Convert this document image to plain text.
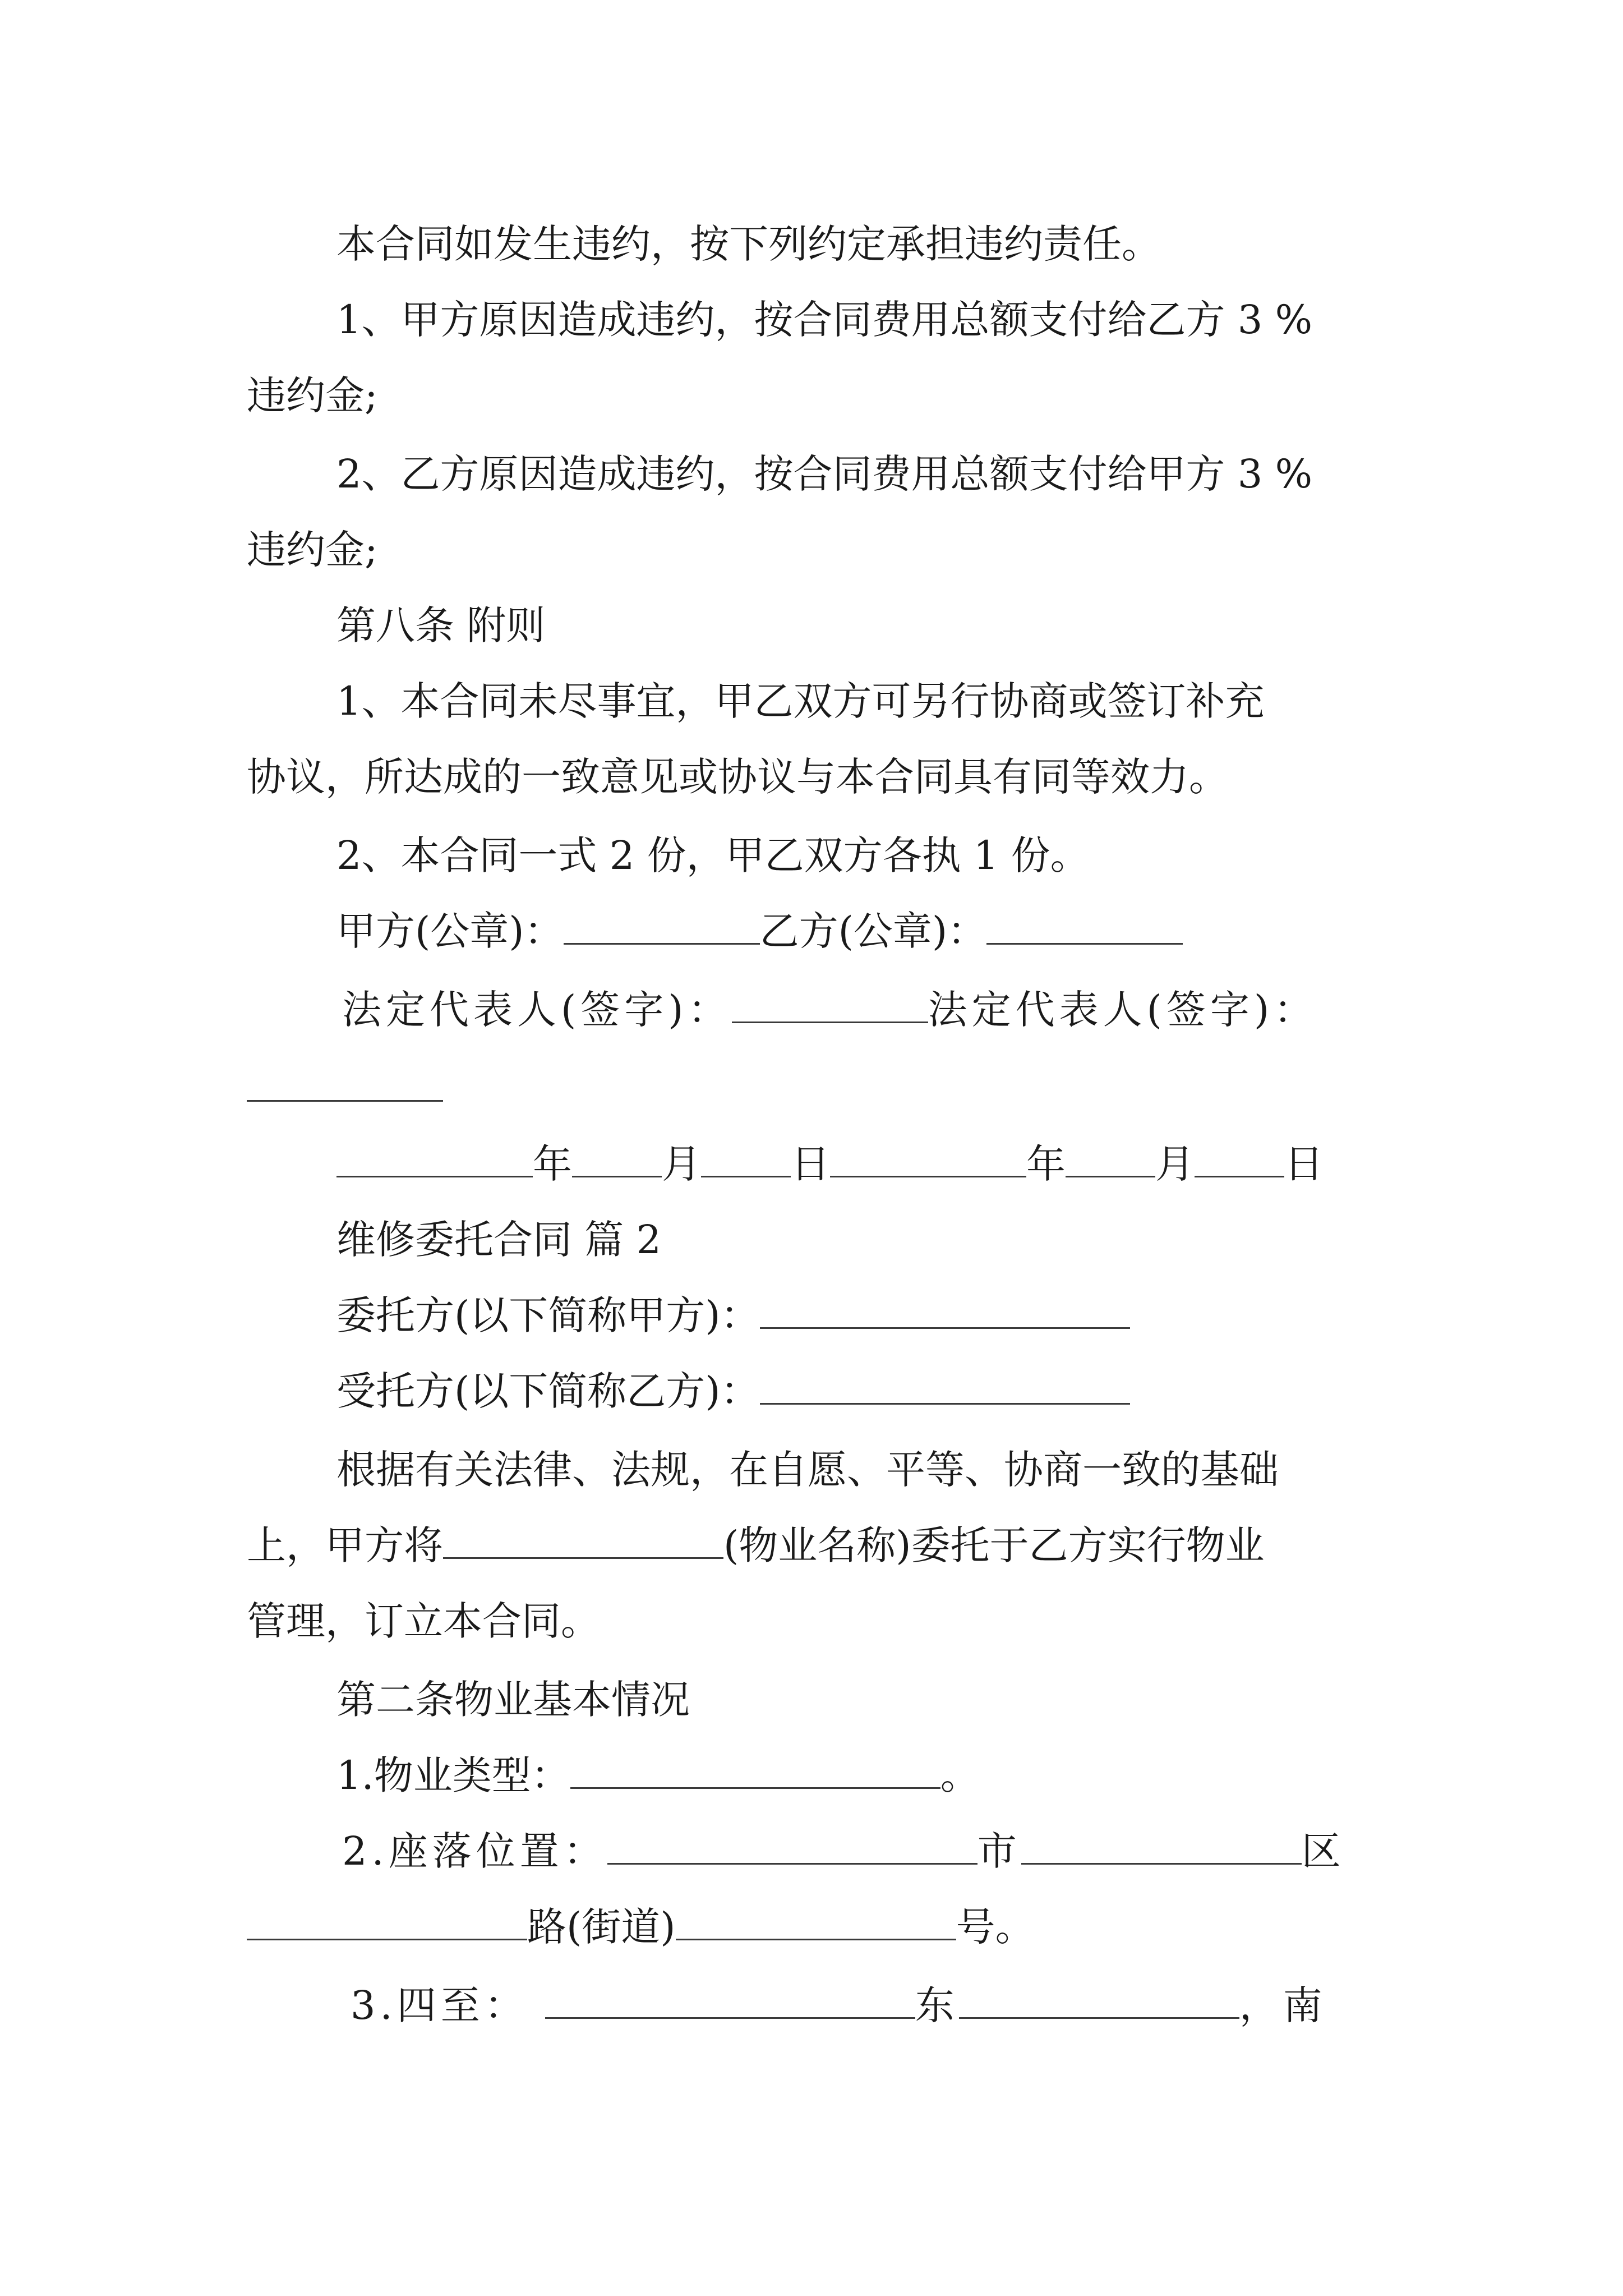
本合同如发生违约，按下列约定承担违约责任。
1、甲方原因造成违约，按合同费用总额支付给乙方 3 %
违约金;
2、乙方原因造成违约，按合同费用总额支付给甲方 3 %
违约金;
第八条 附则
1、本合同未尽事宜，甲乙双方可另行协商或签订补充
协议，所达成的一致意见或协议与本合同具有同等效力。
2、本合同一式 2 份，甲乙双方各执 1 份。
甲方(公章)：	乙方(公章)：
法定代表人(签字)：	法定代表人(签字)：
年 月 日	年 月 日
维修委托合同 篇 2
委托方(以下简称甲方)：
受托方(以下简称乙方)：
根据有关法律、法规，在自愿、平等、协商一致的基础
上，甲方将	(物业名称)委托于乙方实行物业
管理，订立本合同。
第二条物业基本情况
1.物业类型：	。
2.座落位置：	市	区
路(街道)	号。
3.四至：	东	，南
